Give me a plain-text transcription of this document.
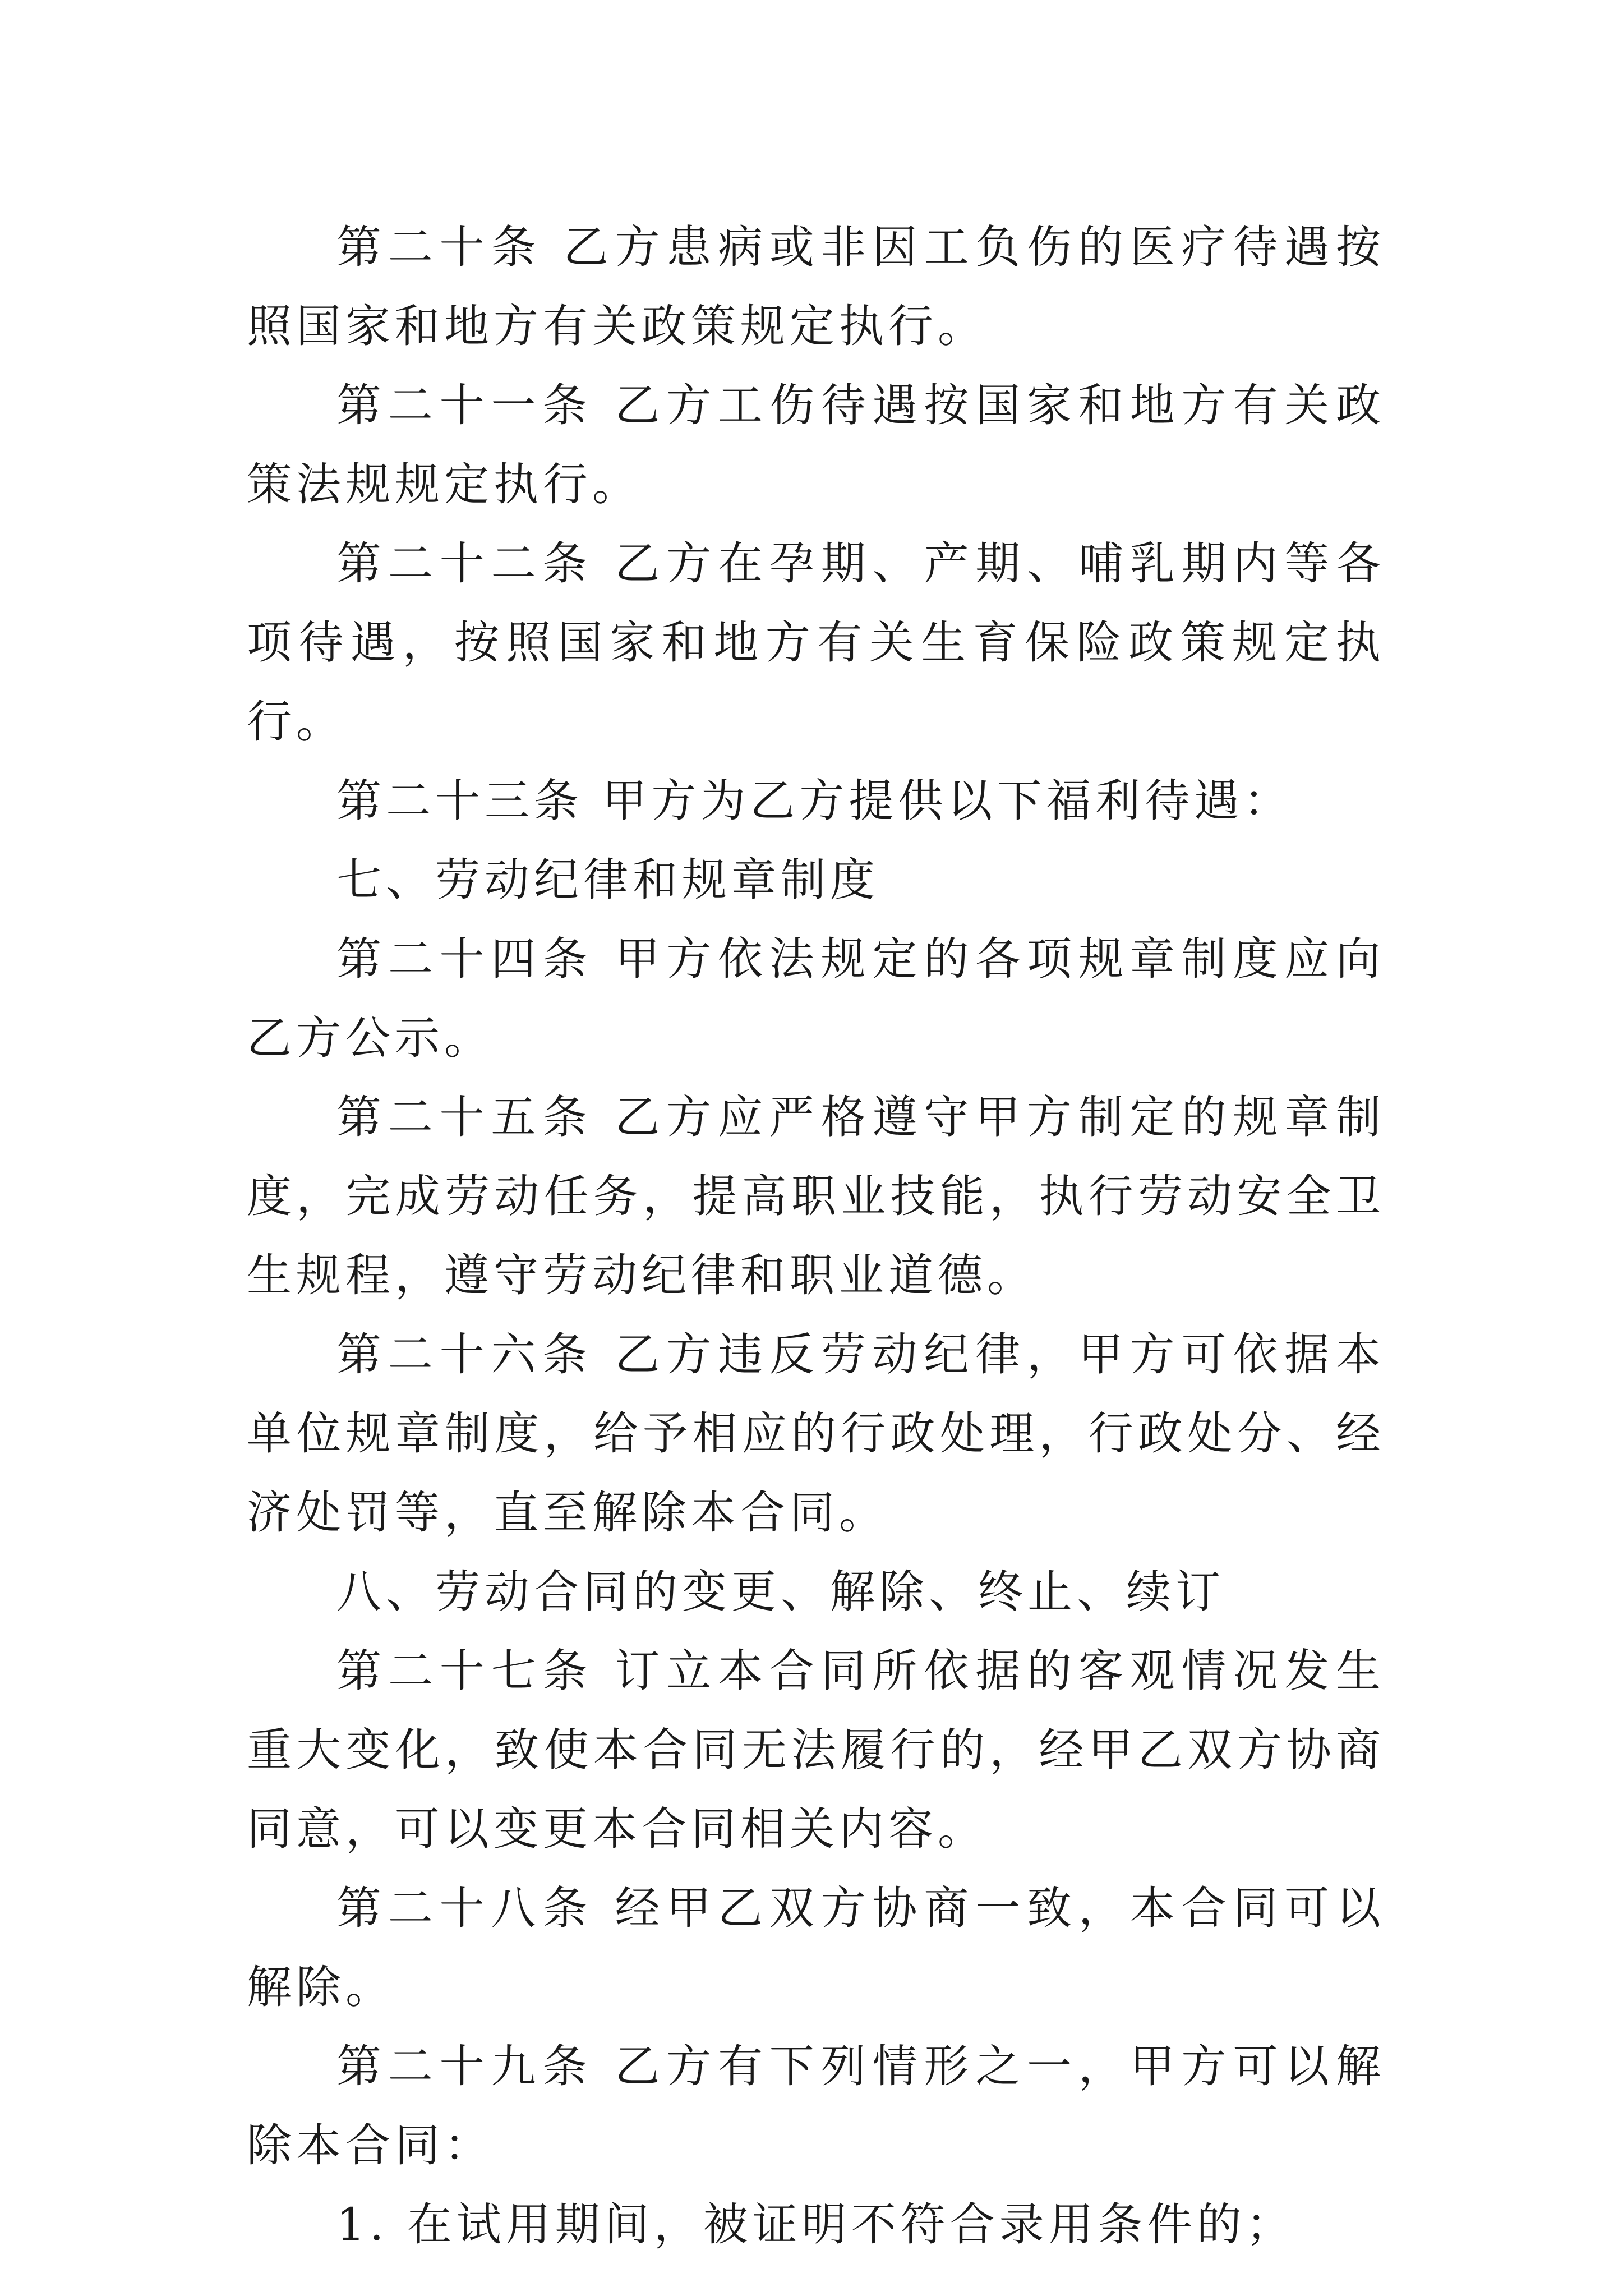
第二十条 乙方患病或非因工负伤的医疗待遇按照国家和地方有关政策规定执行。

第二十一条 乙方工伤待遇按国家和地方有关政策法规规定执行。

第二十二条 乙方在孕期、产期、哺乳期内等各项待遇，按照国家和地方有关生育保险政策规定执行。

第二十三条 甲方为乙方提供以下福利待遇：

七、劳动纪律和规章制度

第二十四条 甲方依法规定的各项规章制度应向乙方公示。

第二十五条 乙方应严格遵守甲方制定的规章制度，完成劳动任务，提高职业技能，执行劳动安全卫生规程，遵守劳动纪律和职业道德。

第二十六条 乙方违反劳动纪律，甲方可依据本单位规章制度，给予相应的行政处理，行政处分、经济处罚等，直至解除本合同。

八、劳动合同的变更、解除、终止、续订

第二十七条 订立本合同所依据的客观情况发生重大变化，致使本合同无法履行的，经甲乙双方协商同意，可以变更本合同相关内容。

第二十八条 经甲乙双方协商一致，本合同可以解除。

第二十九条 乙方有下列情形之一，甲方可以解除本合同：

1. 在试用期间，被证明不符合录用条件的；
